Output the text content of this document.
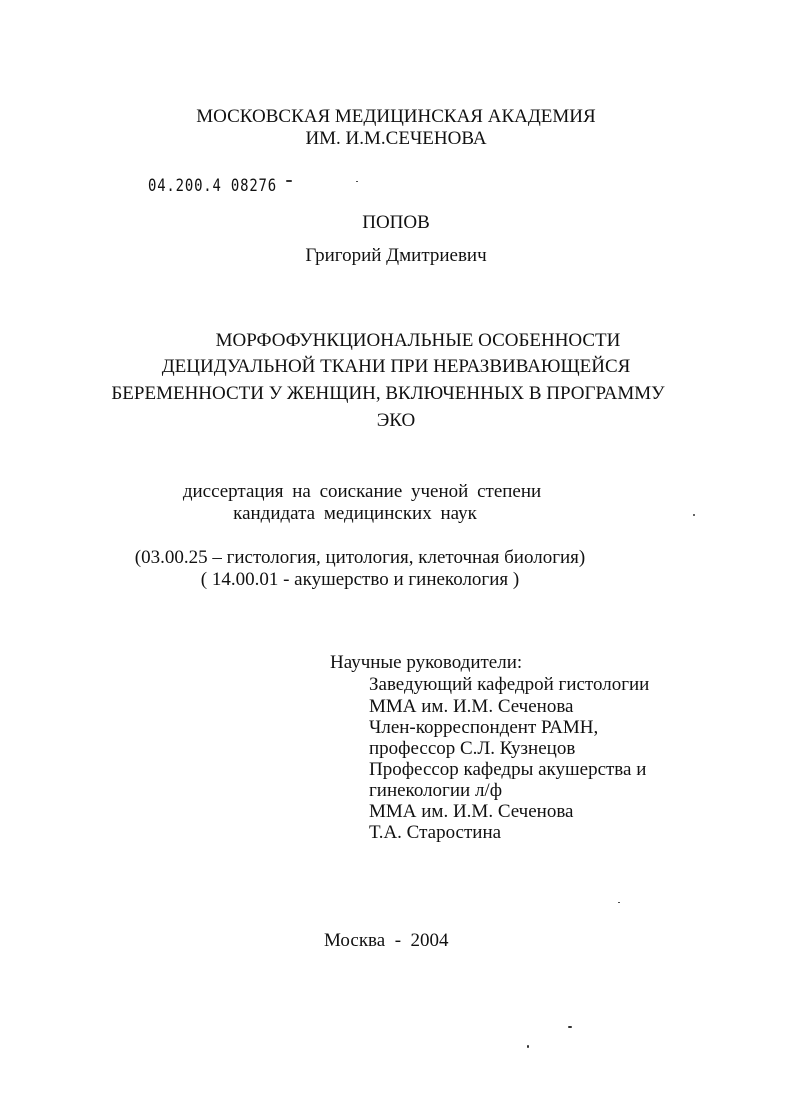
МОСКОВСКАЯ МЕДИЦИНСКАЯ АКАДЕМИЯ
ИМ. И.М.СЕЧЕНОВА
04.200.4 08276
ПОПОВ
Григорий Дмитриевич
МОРФОФУНКЦИОНАЛЬНЫЕ ОСОБЕННОСТИ
ДЕЦИДУАЛЬНОЙ ТКАНИ ПРИ НЕРАЗВИВАЮЩЕЙСЯ
БЕРЕМЕННОСТИ У ЖЕНЩИН, ВКЛЮЧЕННЫХ В ПРОГРАММУ
ЭКО
диссертация на соискание ученой степени
кандидата медицинских наук
(03.00.25 – гистология, цитология, клеточная биология)
( 14.00.01 - акушерство и гинекология )
Научные руководители:
Заведующий кафедрой гистологии
ММА им. И.М. Сеченова
Член-корреспондент РАМН,
профессор С.Л. Кузнецов
Профессор кафедры акушерства и
гинекологии л/ф
ММА им. И.М. Сеченова
Т.А. Старостина
Москва  -  2004
